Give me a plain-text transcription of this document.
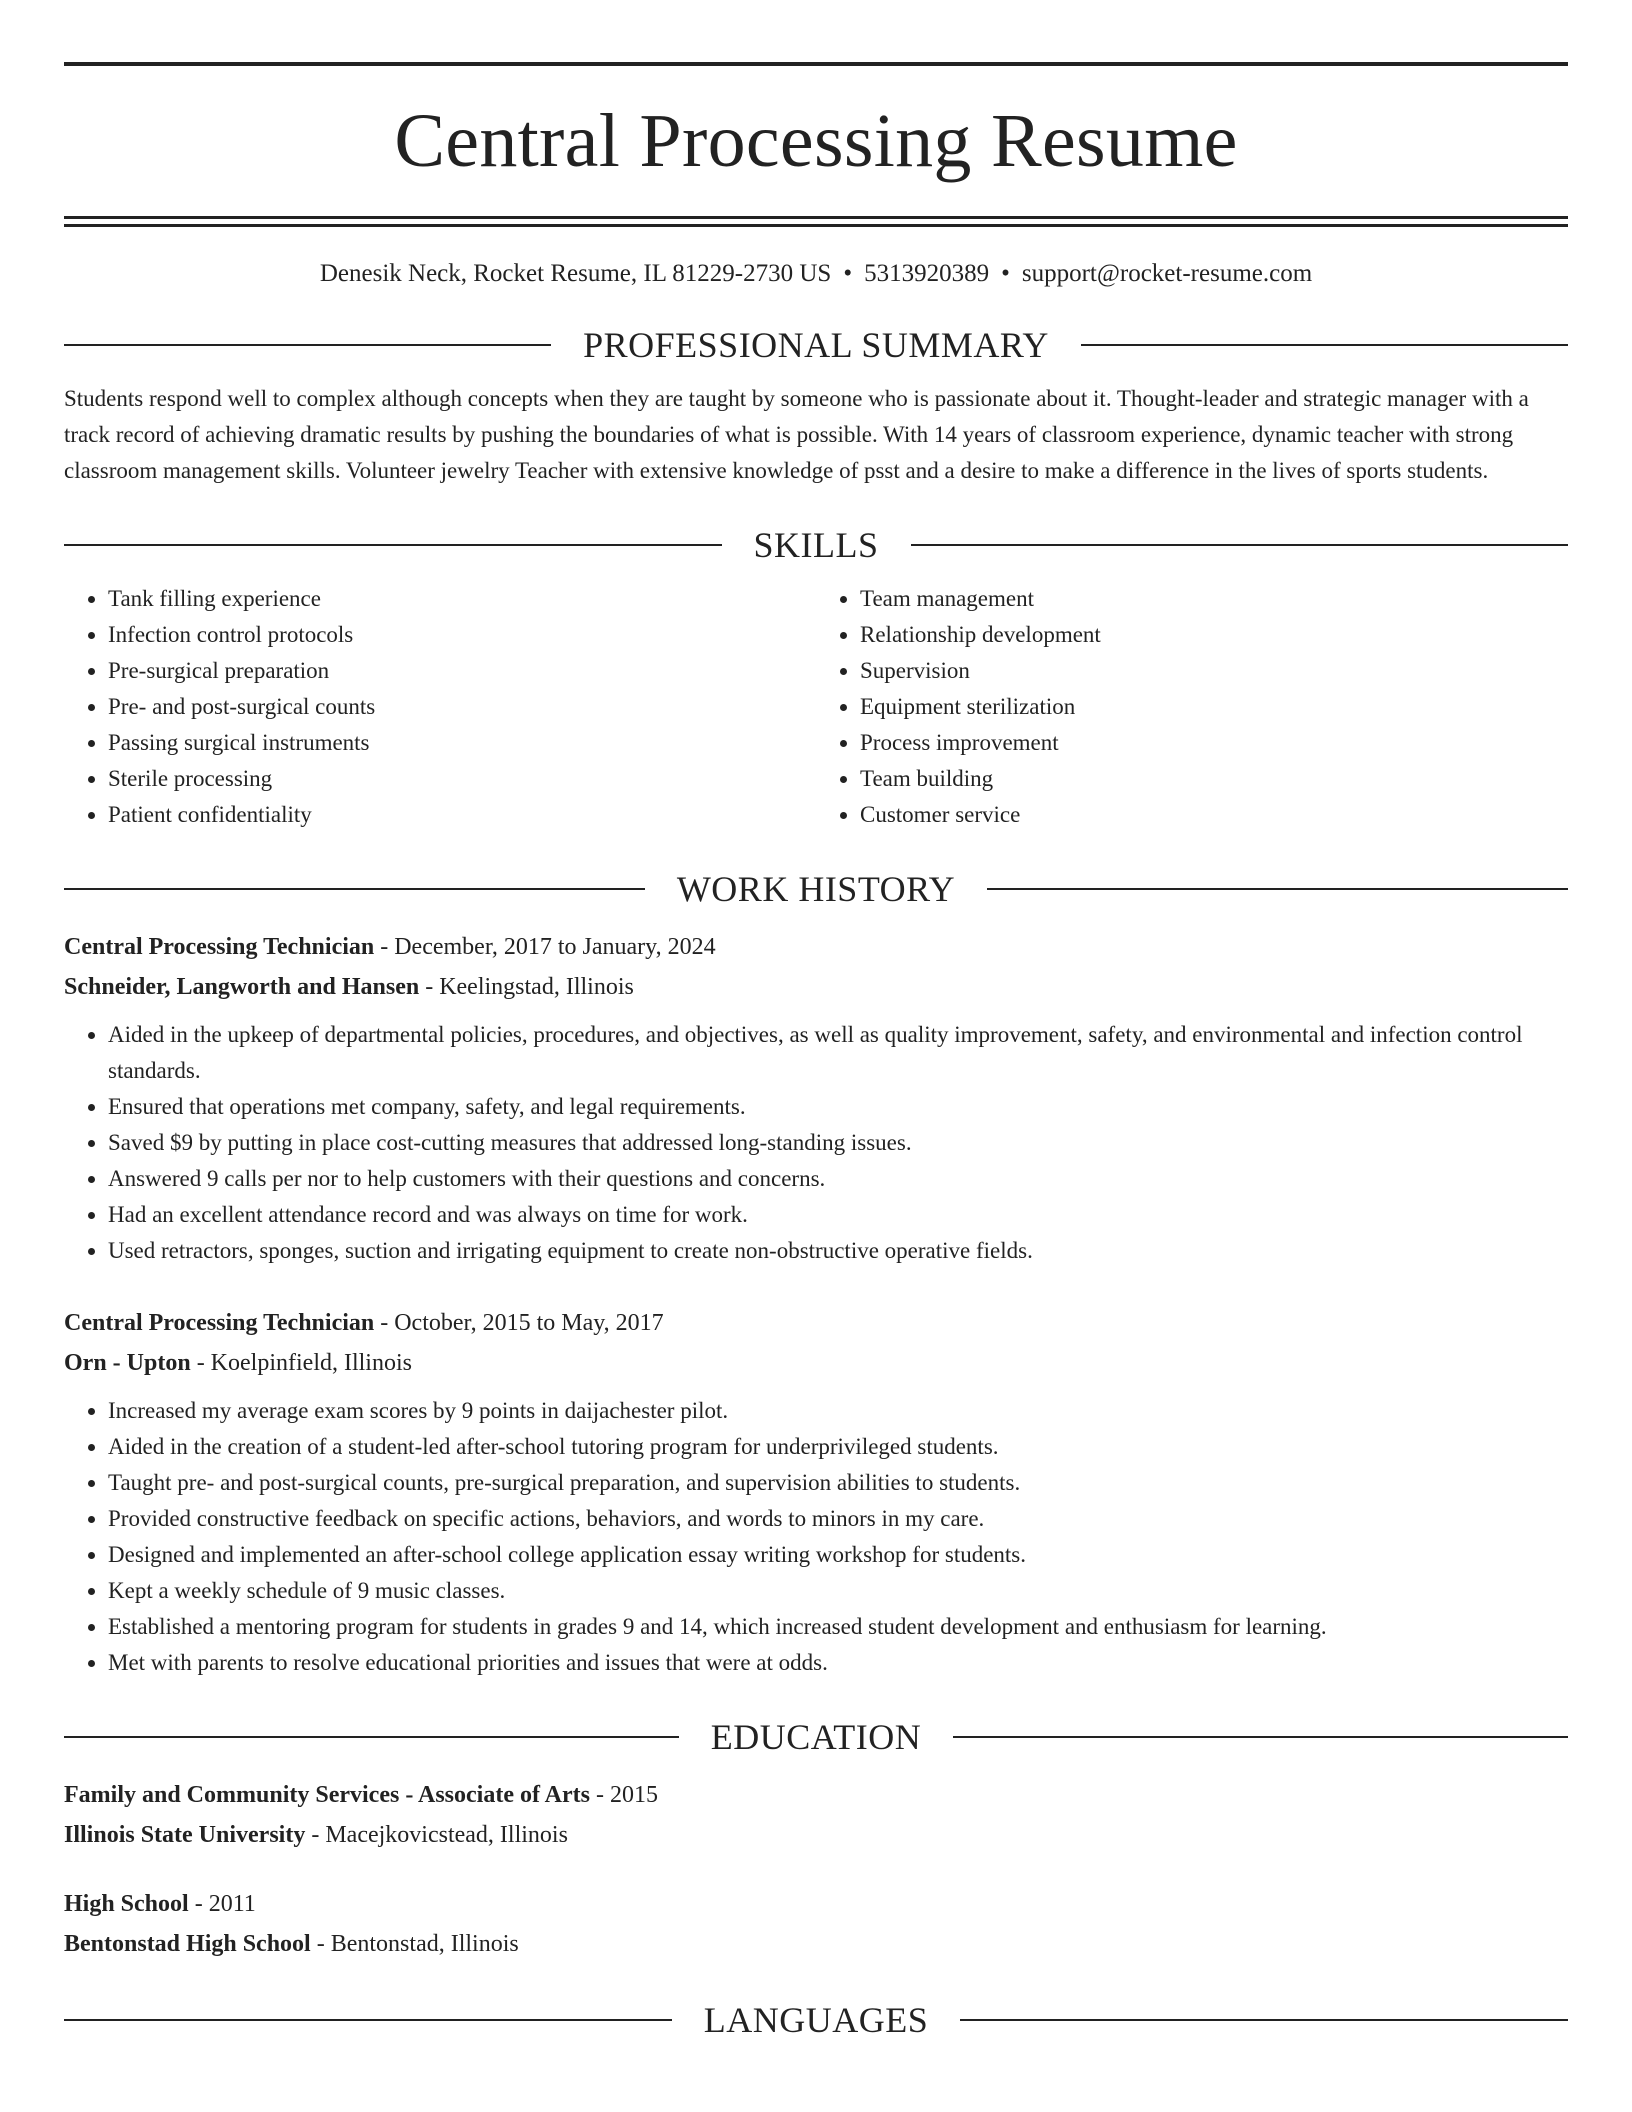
Central Processing Resume
Denesik Neck, Rocket Resume, IL 81229-2730 US • 5313920389 • support@rocket-resume.com
PROFESSIONAL SUMMARY

Students respond well to complex although concepts when they are taught by someone who is passionate about it. Thought-leader and strategic manager with a track record of achieving dramatic results by pushing the boundaries of what is possible. With 14 years of classroom experience, dynamic teacher with strong classroom management skills. Volunteer jewelry Teacher with extensive knowledge of psst and a desire to make a difference in the lives of sports students.

SKILLS
• Tank filling experience
• Infection control protocols
• Pre-surgical preparation
• Pre- and post-surgical counts
• Passing surgical instruments
• Sterile processing
• Patient confidentiality
• Team management
• Relationship development
• Supervision
• Equipment sterilization
• Process improvement
• Team building
• Customer service
WORK HISTORY
Central Processing Technician - December, 2017 to January, 2024
Schneider, Langworth and Hansen - Keelingstad, Illinois
• Aided in the upkeep of departmental policies, procedures, and objectives, as well as quality improvement, safety, and environmental and infection control standards.
• Ensured that operations met company, safety, and legal requirements.
• Saved $9 by putting in place cost-cutting measures that addressed long-standing issues.
• Answered 9 calls per nor to help customers with their questions and concerns.
• Had an excellent attendance record and was always on time for work.
• Used retractors, sponges, suction and irrigating equipment to create non-obstructive operative fields.
Central Processing Technician - October, 2015 to May, 2017
Orn - Upton - Koelpinfield, Illinois
• Increased my average exam scores by 9 points in daijachester pilot.
• Aided in the creation of a student-led after-school tutoring program for underprivileged students.
• Taught pre- and post-surgical counts, pre-surgical preparation, and supervision abilities to students.
• Provided constructive feedback on specific actions, behaviors, and words to minors in my care.
• Designed and implemented an after-school college application essay writing workshop for students.
• Kept a weekly schedule of 9 music classes.
• Established a mentoring program for students in grades 9 and 14, which increased student development and enthusiasm for learning.
• Met with parents to resolve educational priorities and issues that were at odds.
EDUCATION
Family and Community Services - Associate of Arts - 2015
Illinois State University - Macejkovicstead, Illinois
High School - 2011
Bentonstad High School - Bentonstad, Illinois
LANGUAGES
